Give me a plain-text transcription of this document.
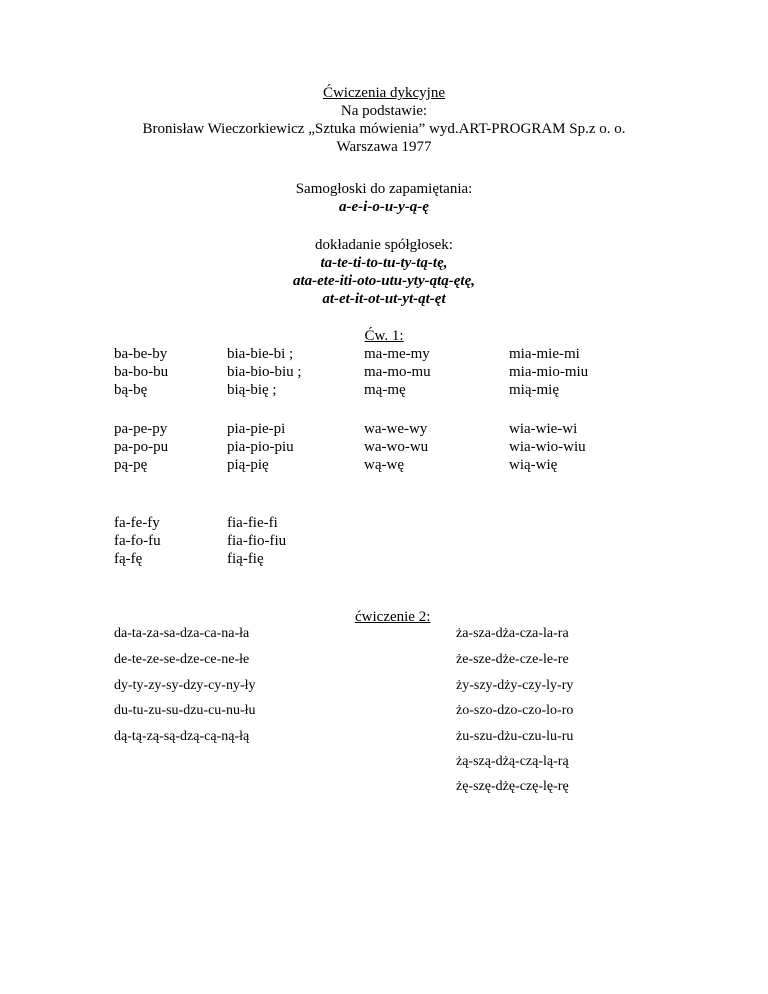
Ćwiczenia dykcyjne
Na podstawie:
Bronisław Wieczorkiewicz „Sztuka mówienia” wyd.ART-PROGRAM Sp.z o. o.
Warszawa 1977
Samogłoski do zapamiętania:
a-e-i-o-u-y-ą-ę
dokładanie spółgłosek:
ta-te-ti-to-tu-ty-tą-tę,
ata-ete-iti-oto-utu-yty-ątą-ętę,
at-et-it-ot-ut-yt-ąt-ęt
Ćw. 1:
ba-be-by
ba-bo-bu
bą-bę
bia-bie-bi ;
bia-bio-biu ;
bią-bię ;
ma-me-my
ma-mo-mu
mą-mę
mia-mie-mi
mia-mio-miu
mią-mię
pa-pe-py
pa-po-pu
pą-pę
pia-pie-pi
pia-pio-piu
pią-pię
wa-we-wy
wa-wo-wu
wą-wę
wia-wie-wi
wia-wio-wiu
wią-wię
fa-fe-fy
fa-fo-fu
fą-fę
fia-fie-fi
fia-fio-fiu
fią-fię
ćwiczenie 2:
da-ta-za-sa-dza-ca-na-ła
de-te-ze-se-dze-ce-ne-łe
dy-ty-zy-sy-dzy-cy-ny-ły
du-tu-zu-su-dzu-cu-nu-łu
dą-tą-zą-są-dzą-cą-ną-łą
ża-sza-dża-cza-la-ra
że-sze-dże-cze-le-re
ży-szy-dży-czy-ly-ry
żo-szo-dzo-czo-lo-ro
żu-szu-dżu-czu-lu-ru
żą-szą-dżą-czą-lą-rą
żę-szę-dżę-czę-lę-rę
